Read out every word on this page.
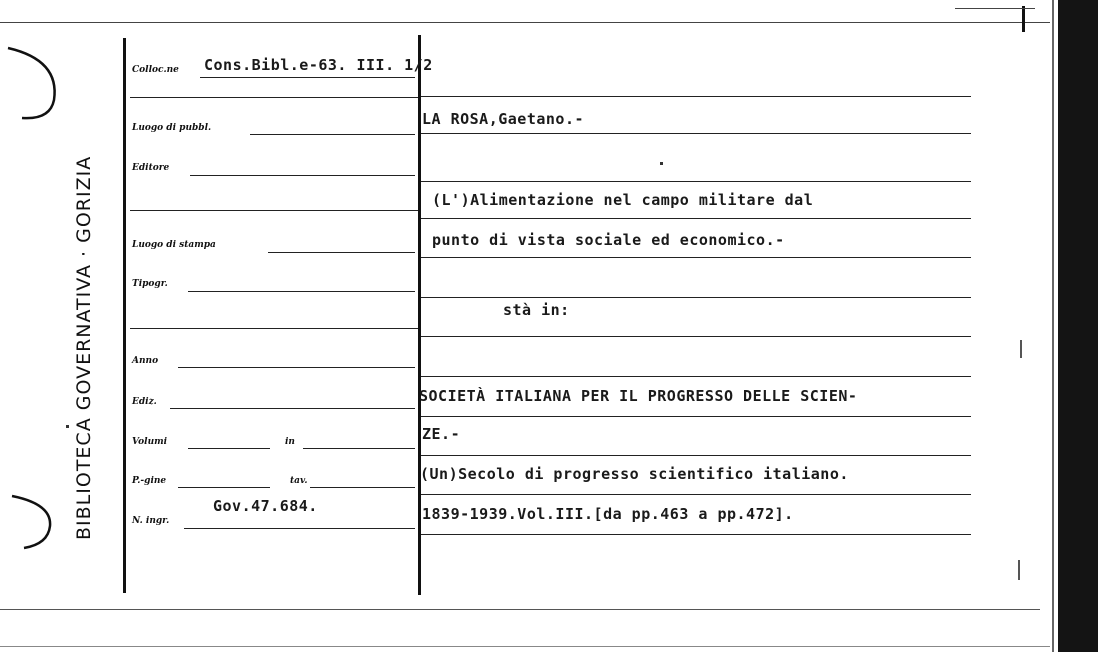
BIBLIOTECA GOVERNATIVA · GORIZIA
Colloc.ne
Luogo di pubbl.
Editore
Luogo di stampa
Tipogr.
Anno
Ediz.
Volumi	in
P.-gine	tav.
N. ingr.
Cons.Bibl.e-63. III. 1/2
Gov.47.684.
LA ROSA,Gaetano.-
(L')Alimentazione nel campo militare dal
punto di vista sociale ed economico.-
stà in:
SOCIETÀ ITALIANA PER IL PROGRESSO DELLE SCIEN-
ZE.-
(Un)Secolo di progresso scientifico italiano.
1839-1939.Vol.III.[da pp.463 a pp.472].
